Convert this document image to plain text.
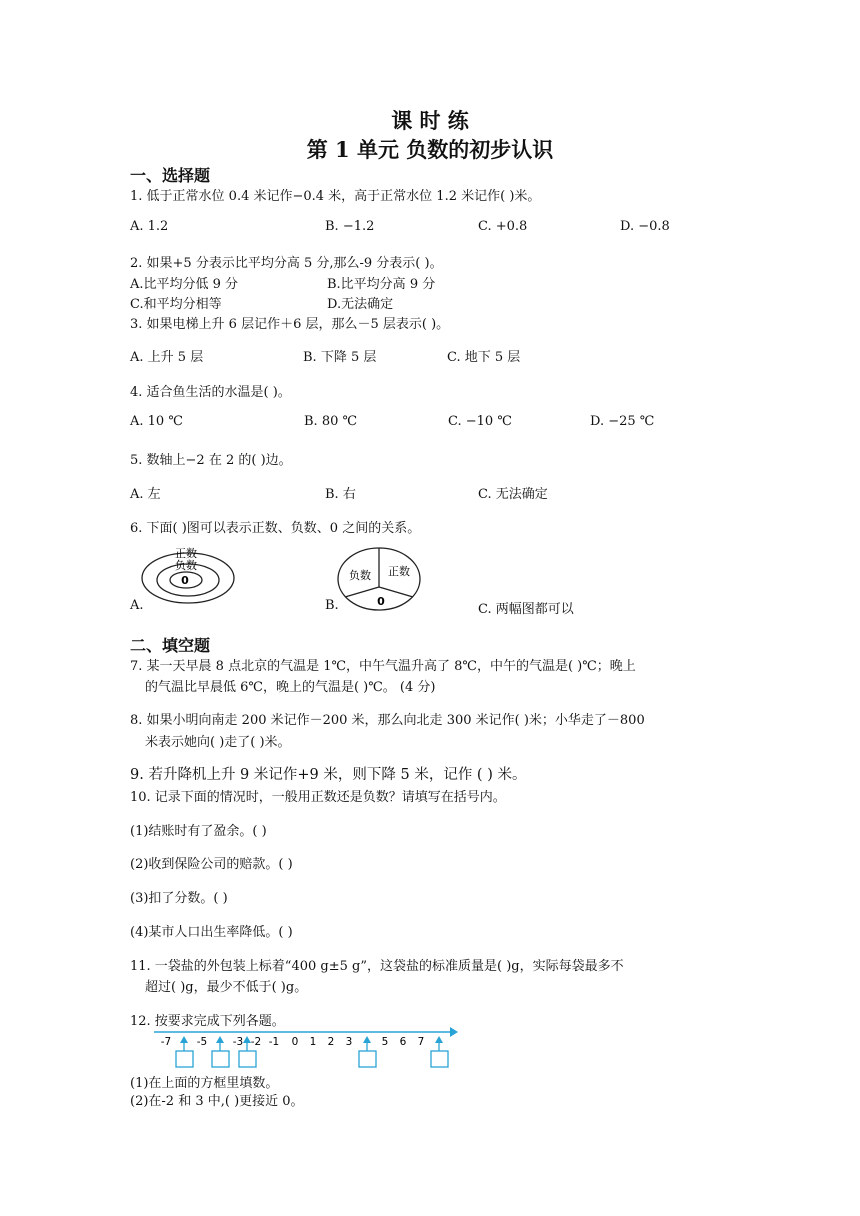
课 时 练
第 1 单元 负数的初步认识
一、选择题
1. 低于正常水位 0.4 米记作−0.4 米，高于正常水位 1.2 米记作( )米。
A. 1.2	B. −1.2	C. +0.8	D. −0.8
2. 如果+5 分表示比平均分高 5 分,那么-9 分表示( )。
A.比平均分低 9 分	B.比平均分高 9 分
C.和平均分相等	D.无法确定
3. 如果电梯上升 6 层记作＋6 层，那么－5 层表示( )。
A. 上升 5 层	B. 下降 5 层	C. 地下 5 层
4. 适合鱼生活的水温是( )。
A. 10 ℃	B. 80 ℃	C. −10 ℃	D. −25 ℃
5. 数轴上−2 在 2 的( )边。
A. 左	B. 右	C. 无法确定
6. 下面( )图可以表示正数、负数、0 之间的关系。
正数
负数
0
A.
负数 正数
0
B.	C. 两幅图都可以
二、填空题
7. 某一天早晨 8 点北京的气温是 1℃，中午气温升高了 8℃，中午的气温是( )℃；晚上
的气温比早晨低 6℃，晚上的气温是( )℃。 (4 分)
8. 如果小明向南走 200 米记作－200 米，那么向北走 300 米记作( )米；小华走了－800
米表示她向( )走了( )米。
9. 若升降机上升 9 米记作+9 米，则下降 5 米，记作 ( ) 米。
10. 记录下面的情况时，一般用正数还是负数？请填写在括号内。
(1)结账时有了盈余。( )
(2)收到保险公司的赔款。( )
(3)扣了分数。( )
(4)某市人口出生率降低。( )
11. 一袋盐的外包装上标着“400 g±5 g”，这袋盐的标准质量是( )g，实际每袋最多不
超过( )g，最少不低于( )g。
12. 按要求完成下列各题。
-7 -5 -3 -2 -1 0 1 2 3	5 6 7
(1)在上面的方框里填数。
(2)在-2 和 3 中,( )更接近 0。
